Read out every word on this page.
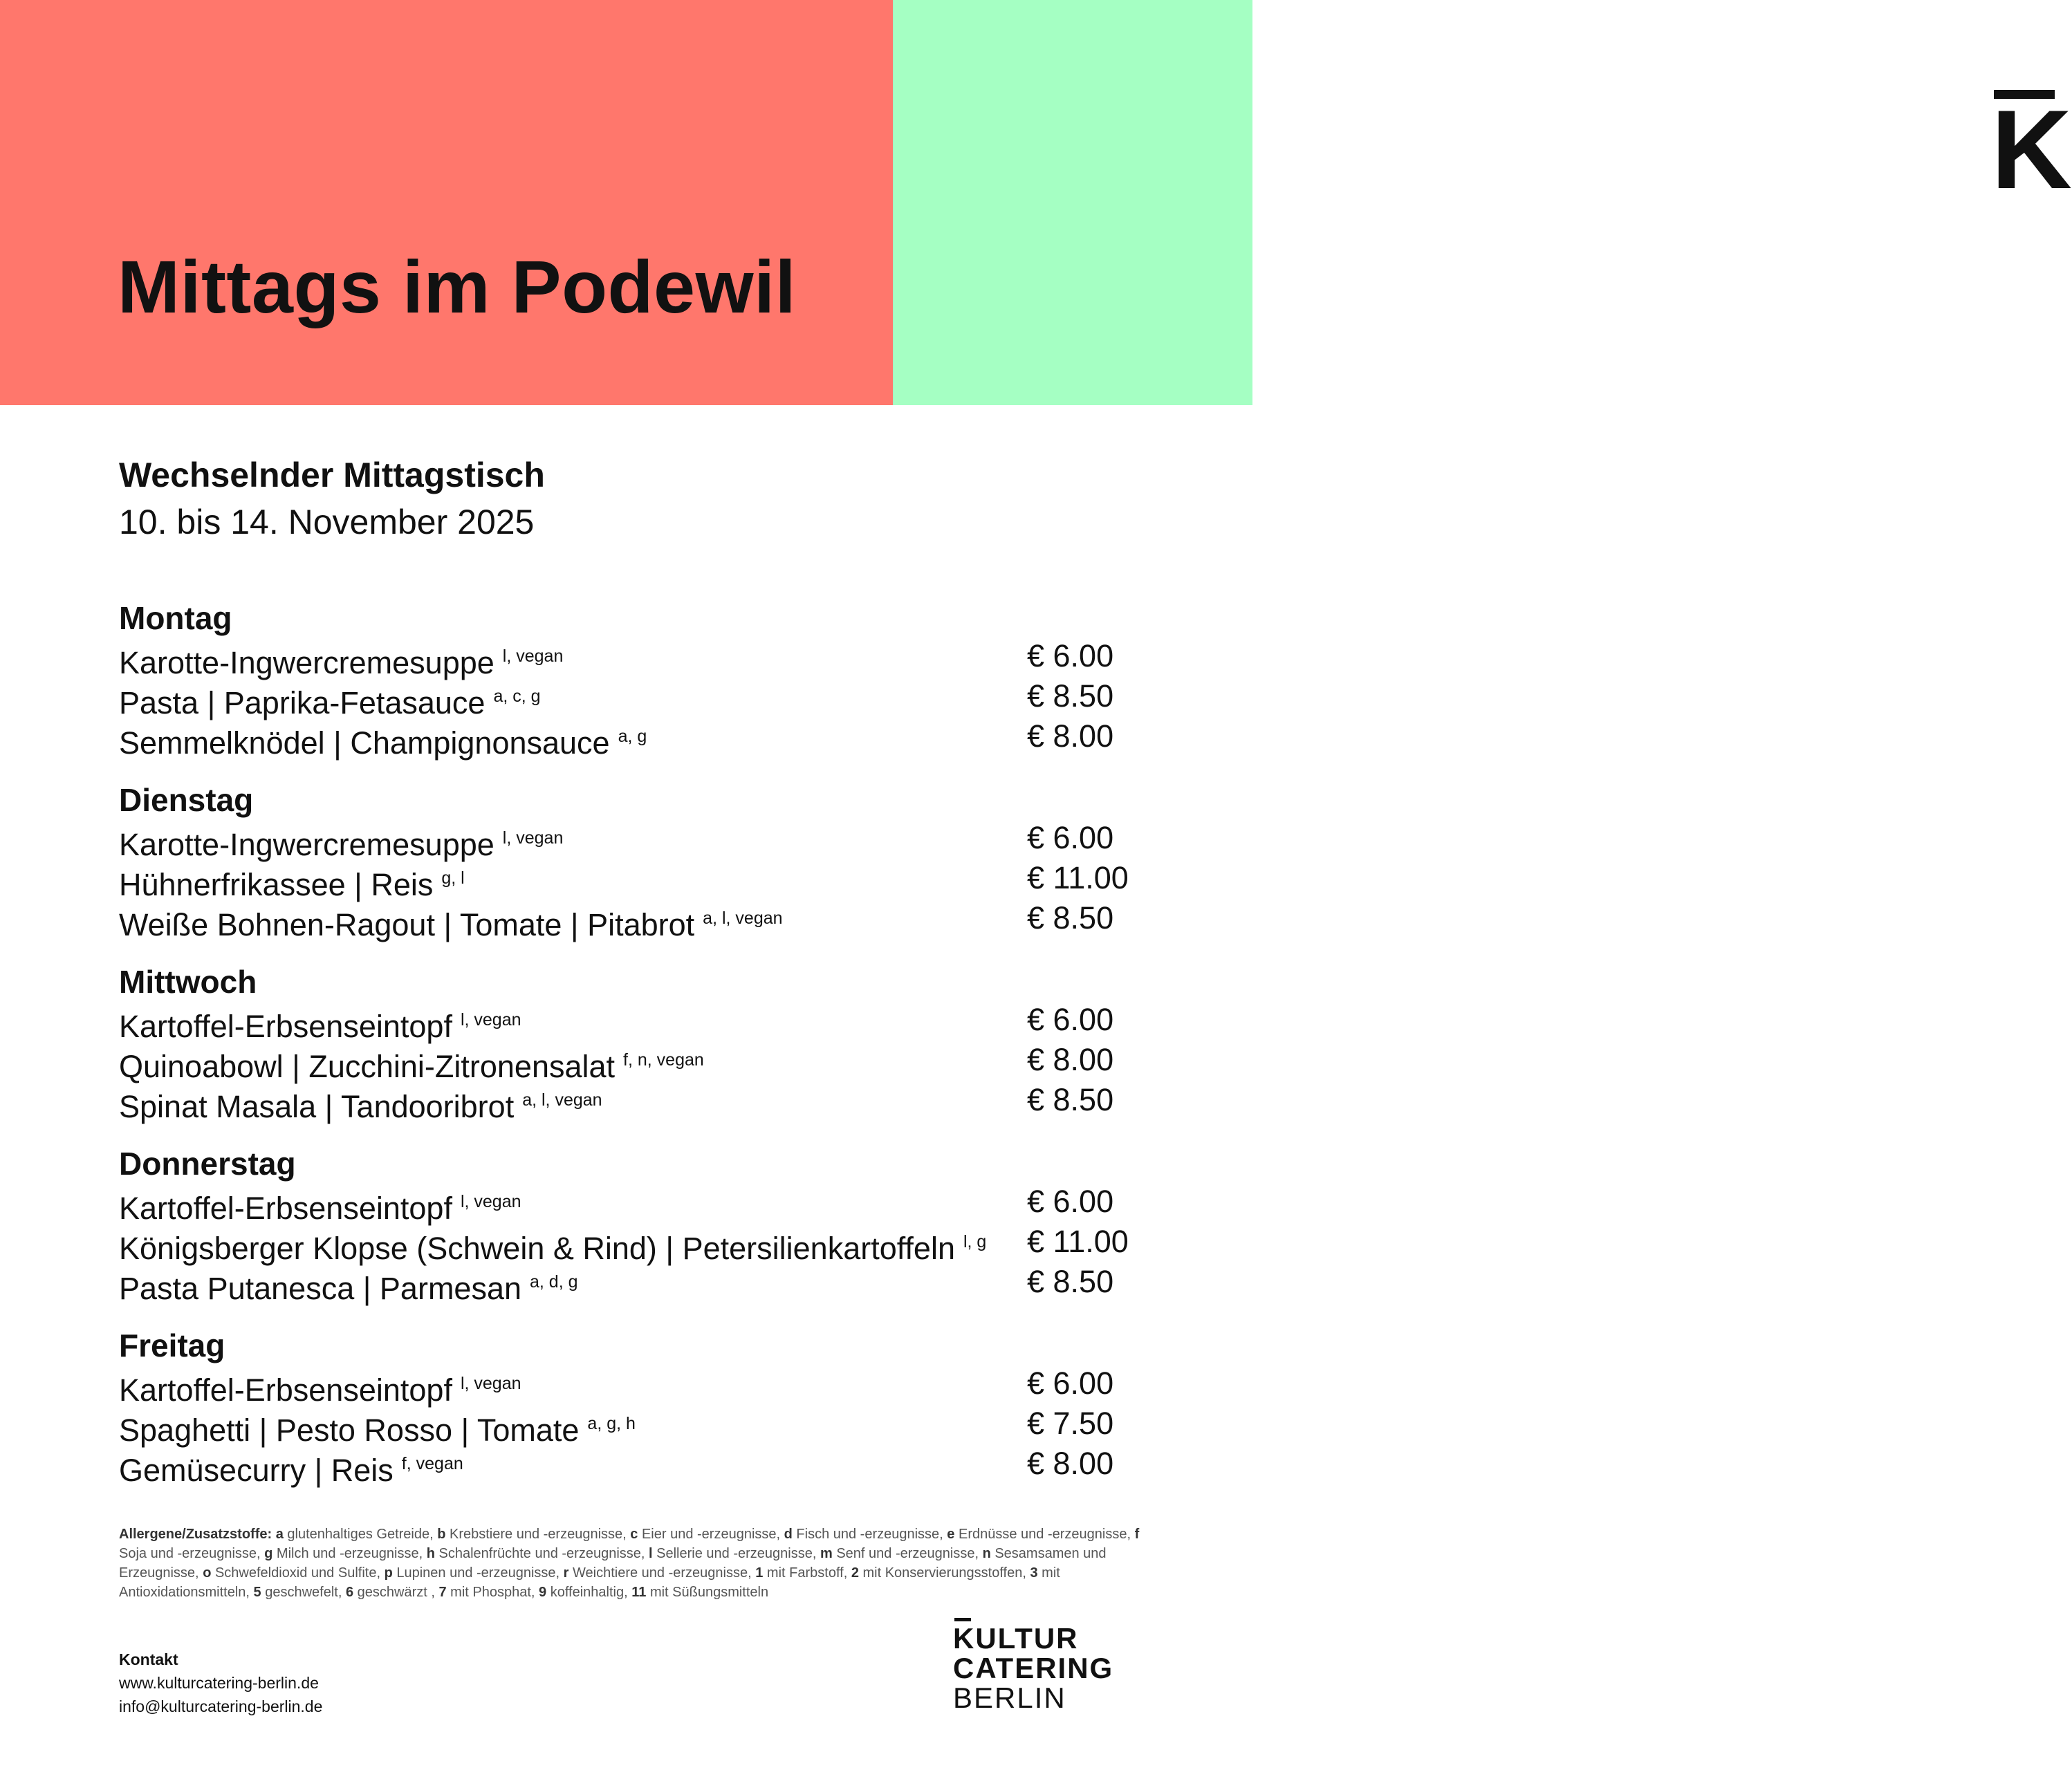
K
Mittags im Podewil
Wechselnder Mittagstisch
10. bis 14. November 2025
Montag
Karotte-Ingwercremesuppe $^{l, vegan}$	€ 6.00
Pasta | Paprika-Fetasauce $^{a, c, g}$	€ 8.50
Semmelknödel | Champignonsauce $^{a, g}$	€ 8.00
Dienstag
Karotte-Ingwercremesuppe $^{l, vegan}$	€ 6.00
Hühnerfrikassee | Reis $^{g, l}$	€ 11.00
Weiße Bohnen-Ragout | Tomate | Pitabrot $^{a, l, vegan}$	€ 8.50
Mittwoch
Kartoffel-Erbsenseintopf $^{l, vegan}$	€ 6.00
Quinoabowl | Zucchini-Zitronensalat $^{f, n, vegan}$	€ 8.00
Spinat Masala | Tandooribrot $^{a, l, vegan}$	€ 8.50
Donnerstag
Kartoffel-Erbsenseintopf $^{l, vegan}$	€ 6.00
Königsberger Klopse (Schwein & Rind) | Petersilienkartoffeln $^{l, g}$ € 11.00
Pasta Putanesca | Parmesan $^{a, d, g}$	€ 8.50
Freitag
Kartoffel-Erbsenseintopf $^{l, vegan}$	€ 6.00
Spaghetti | Pesto Rosso | Tomate $^{a, g, h}$	€ 7.50
Gemüsecurry | Reis $^{f, vegan}$	€ 8.00
Allergene/Zusatzstoffe: a glutenhaltiges Getreide, b Krebstiere und -erzeugnisse, c Eier und -erzeugnisse, d Fisch und -erzeugnisse, e Erdnüsse und -erzeugnisse, f Soja und -erzeugnisse, g Milch und -erzeugnisse, h Schalenfrüchte und -erzeugnisse, l Sellerie und -erzeugnisse, m Senf und -erzeugnisse, n Sesamsamen und Erzeugnisse, o Schwefeldioxid und Sulfite, p Lupinen und -erzeugnisse, r Weichtiere und -erzeugnisse, 1 mit Farbstoff, 2 mit Konservierungsstoffen, 3 mit Antioxidationsmitteln, 5 geschwefelt, 6 geschwärzt , 7 mit Phosphat, 9 koffeinhaltig, 11 mit Süßungsmitteln
Kontakt
www.kulturcatering-berlin.de
info@kulturcatering-berlin.de
KULTUR
CATERING
BERLIN
